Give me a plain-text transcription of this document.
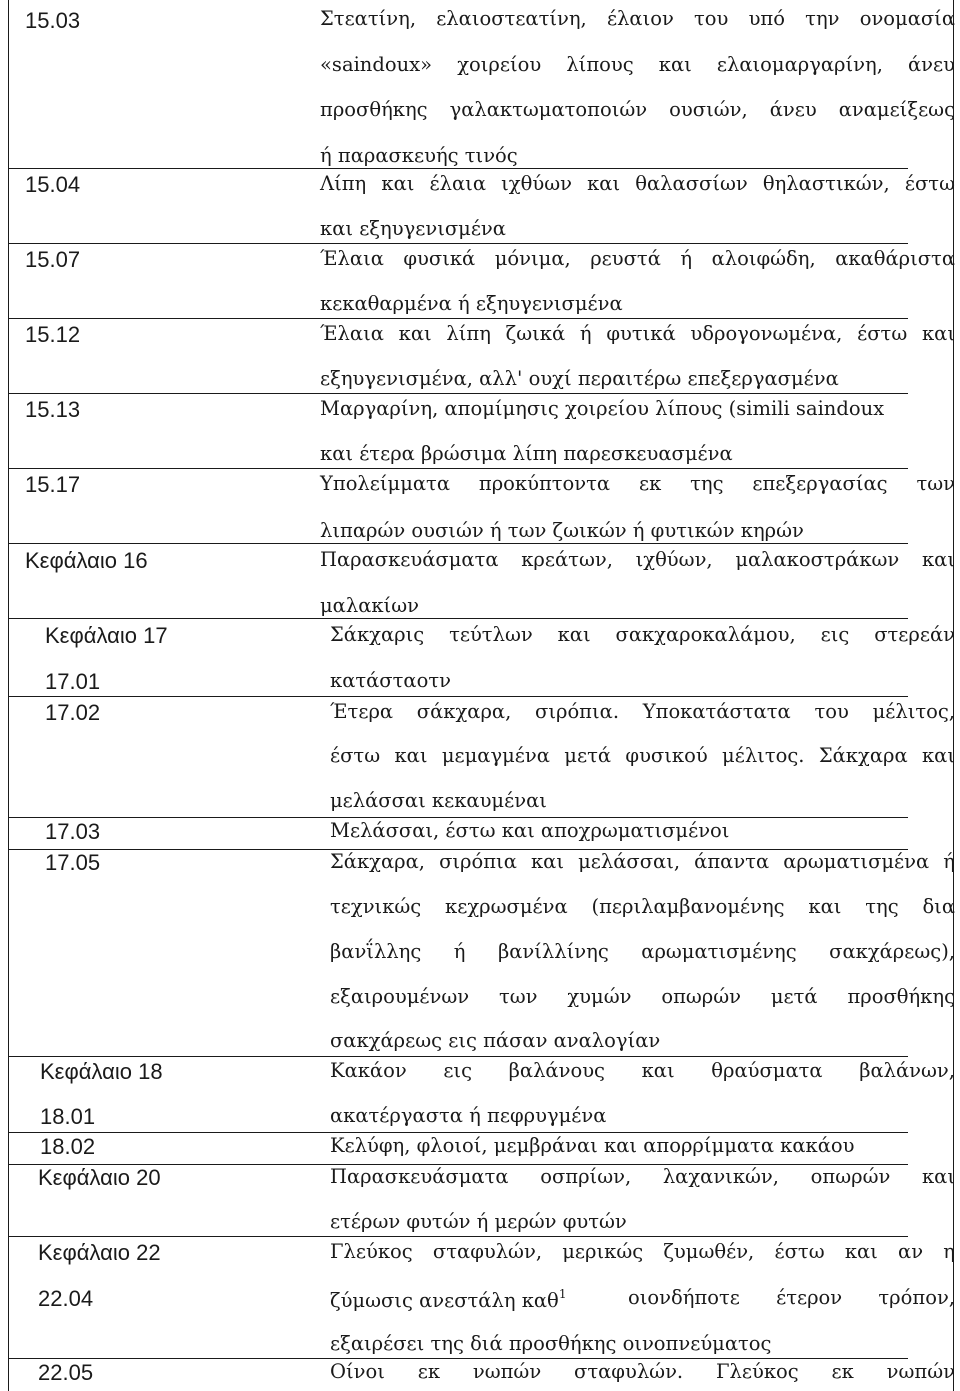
15.03
15.04
15.07
15.12
15.13
15.17
Κεφάλαιο 16
Κεφάλαιο 17
17.01
17.02
17.03
17.05
Κεφάλαιο 18
18.01
18.02
Κεφάλαιο 20
Κεφάλαιο 22
22.04
22.05
Στεατίνη, ελαιοστεατίνη, έλαιον του υπό την ονομασία
«saindoux» χοιρείου λίπους και ελαιομαργαρίνη, άνευ
προσθήκης γαλακτωματοποιών ουσιών, άνευ αναμείξεως
ή παρασκευής τινός
Λίπη και έλαια ιχθύων και θαλασσίων θηλαστικών, έστω
και εξηυγενισμένα
Έλαια φυσικά μόνιμα, ρευστά ή αλοιφώδη, ακαθάριστα
κεκαθαρμένα ή εξηυγενισμένα
Έλαια και λίπη ζωικά ή φυτικά υδρογονωμένα, έστω και
εξηυγενισμένα, αλλ' ουχί περαιτέρω επεξεργασμένα
Μαργαρίνη, απομίμησις χοιρείου λίπους (simili saindoux
και έτερα βρώσιμα λίπη παρεσκευασμένα
Υπολείμματα προκύπτοντα εκ της επεξεργασίας των
λιπαρών ουσιών ή των ζωικών ή φυτικών κηρών
Παρασκευάσματα κρεάτων, ιχθύων, μαλακοστράκων και
μαλακίων
Σάκχαρις τεύτλων και σακχαροκαλάμου, εις στερεάν
κατάσταοτν
Έτερα σάκχαρα, σιρόπια. Υποκατάστατα του μέλιτος,
έστω και μεμαγμένα μετά φυσικού μέλιτος. Σάκχαρα και
μελάσσαι κεκαυμέναι
Μελάσσαι, έστω και αποχρωματισμένοι
Σάκχαρα, σιρόπια και μελάσσαι, άπαντα αρωματισμένα ή
τεχνικώς κεχρωσμένα (περιλαμβανομένης και της δια
βανΐλλης ή βανίλλίνης αρωματισμένης σακχάρεως),
εξαιρουμένων των χυμών οπωρών μετά προσθήκης
σακχάρεως εις πάσαν αναλογίαν
Κακάον εις βαλάνους και θραύσματα βαλάνων,
ακατέργαστα ή πεφρυγμένα
Κελύφη, φλοιοί, μεμβράναι και απορρίμματα κακάου
Παρασκευάσματα οσπρίων, λαχανικών, οπωρών και
ετέρων φυτών ή μερών φυτών
Γλεύκος σταφυλών, μερικώς ζυμωθέν, έστω και αν η
ζύμωσις ανεστάλη καθ$^1$	οιονδήποτε έτερον τρόπον,
εξαιρέσει της διά προσθήκης οινοπνεύματος
Οίνοι εκ νωπών σταφυλών. Γλεύκος εκ νωπών
